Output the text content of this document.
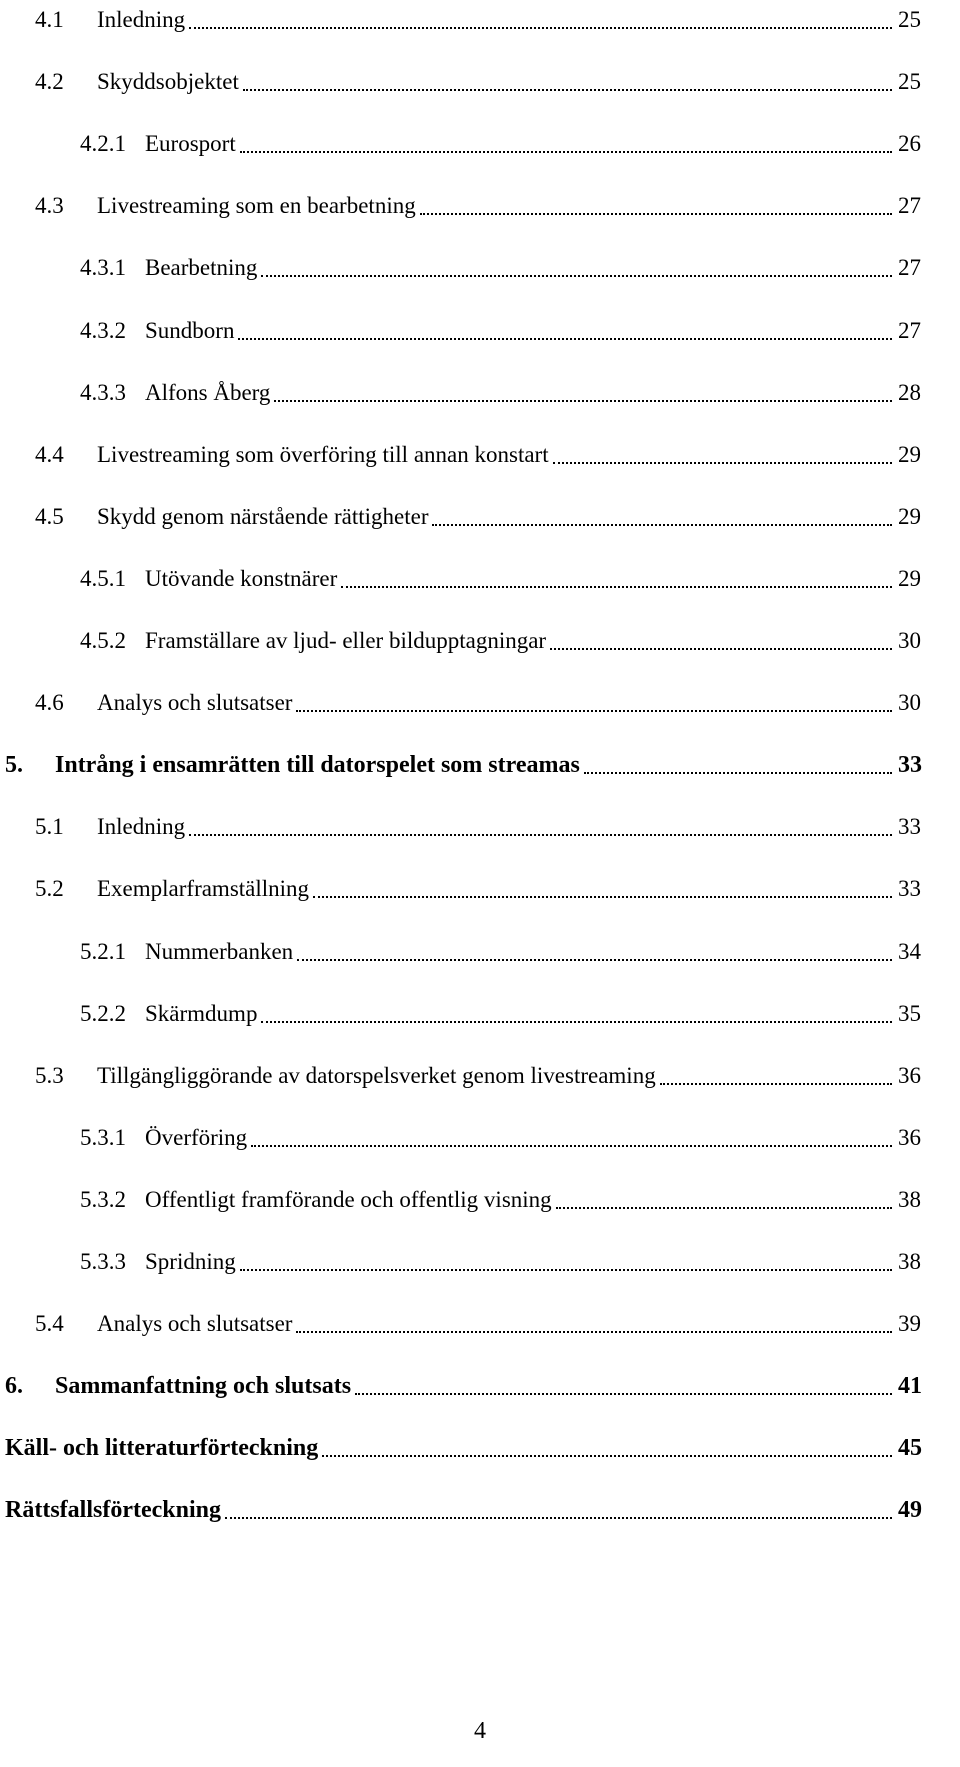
4.1 Inledning	25
4.2 Skyddsobjektet	25
4.2.1 Eurosport	26
4.3 Livestreaming som en bearbetning	27
4.3.1 Bearbetning	27
4.3.2 Sundborn	27
4.3.3 Alfons Åberg	28
4.4 Livestreaming som överföring till annan konstart	29
4.5 Skydd genom närstående rättigheter	29
4.5.1 Utövande konstnärer	29
4.5.2 Framställare av ljud- eller bildupptagningar	30
4.6 Analys och slutsatser	30
5. Intrång i ensamrätten till datorspelet som streamas	33
5.1 Inledning	33
5.2 Exemplarframställning	33
5.2.1 Nummerbanken	34
5.2.2 Skärmdump	35
5.3 Tillgängliggörande av datorspelsverket genom livestreaming	36
5.3.1 Överföring	36
5.3.2 Offentligt framförande och offentlig visning	38
5.3.3 Spridning	38
5.4 Analys och slutsatser	39
6. Sammanfattning och slutsats	41
Käll- och litteraturförteckning	45
Rättsfallsförteckning	49
4
